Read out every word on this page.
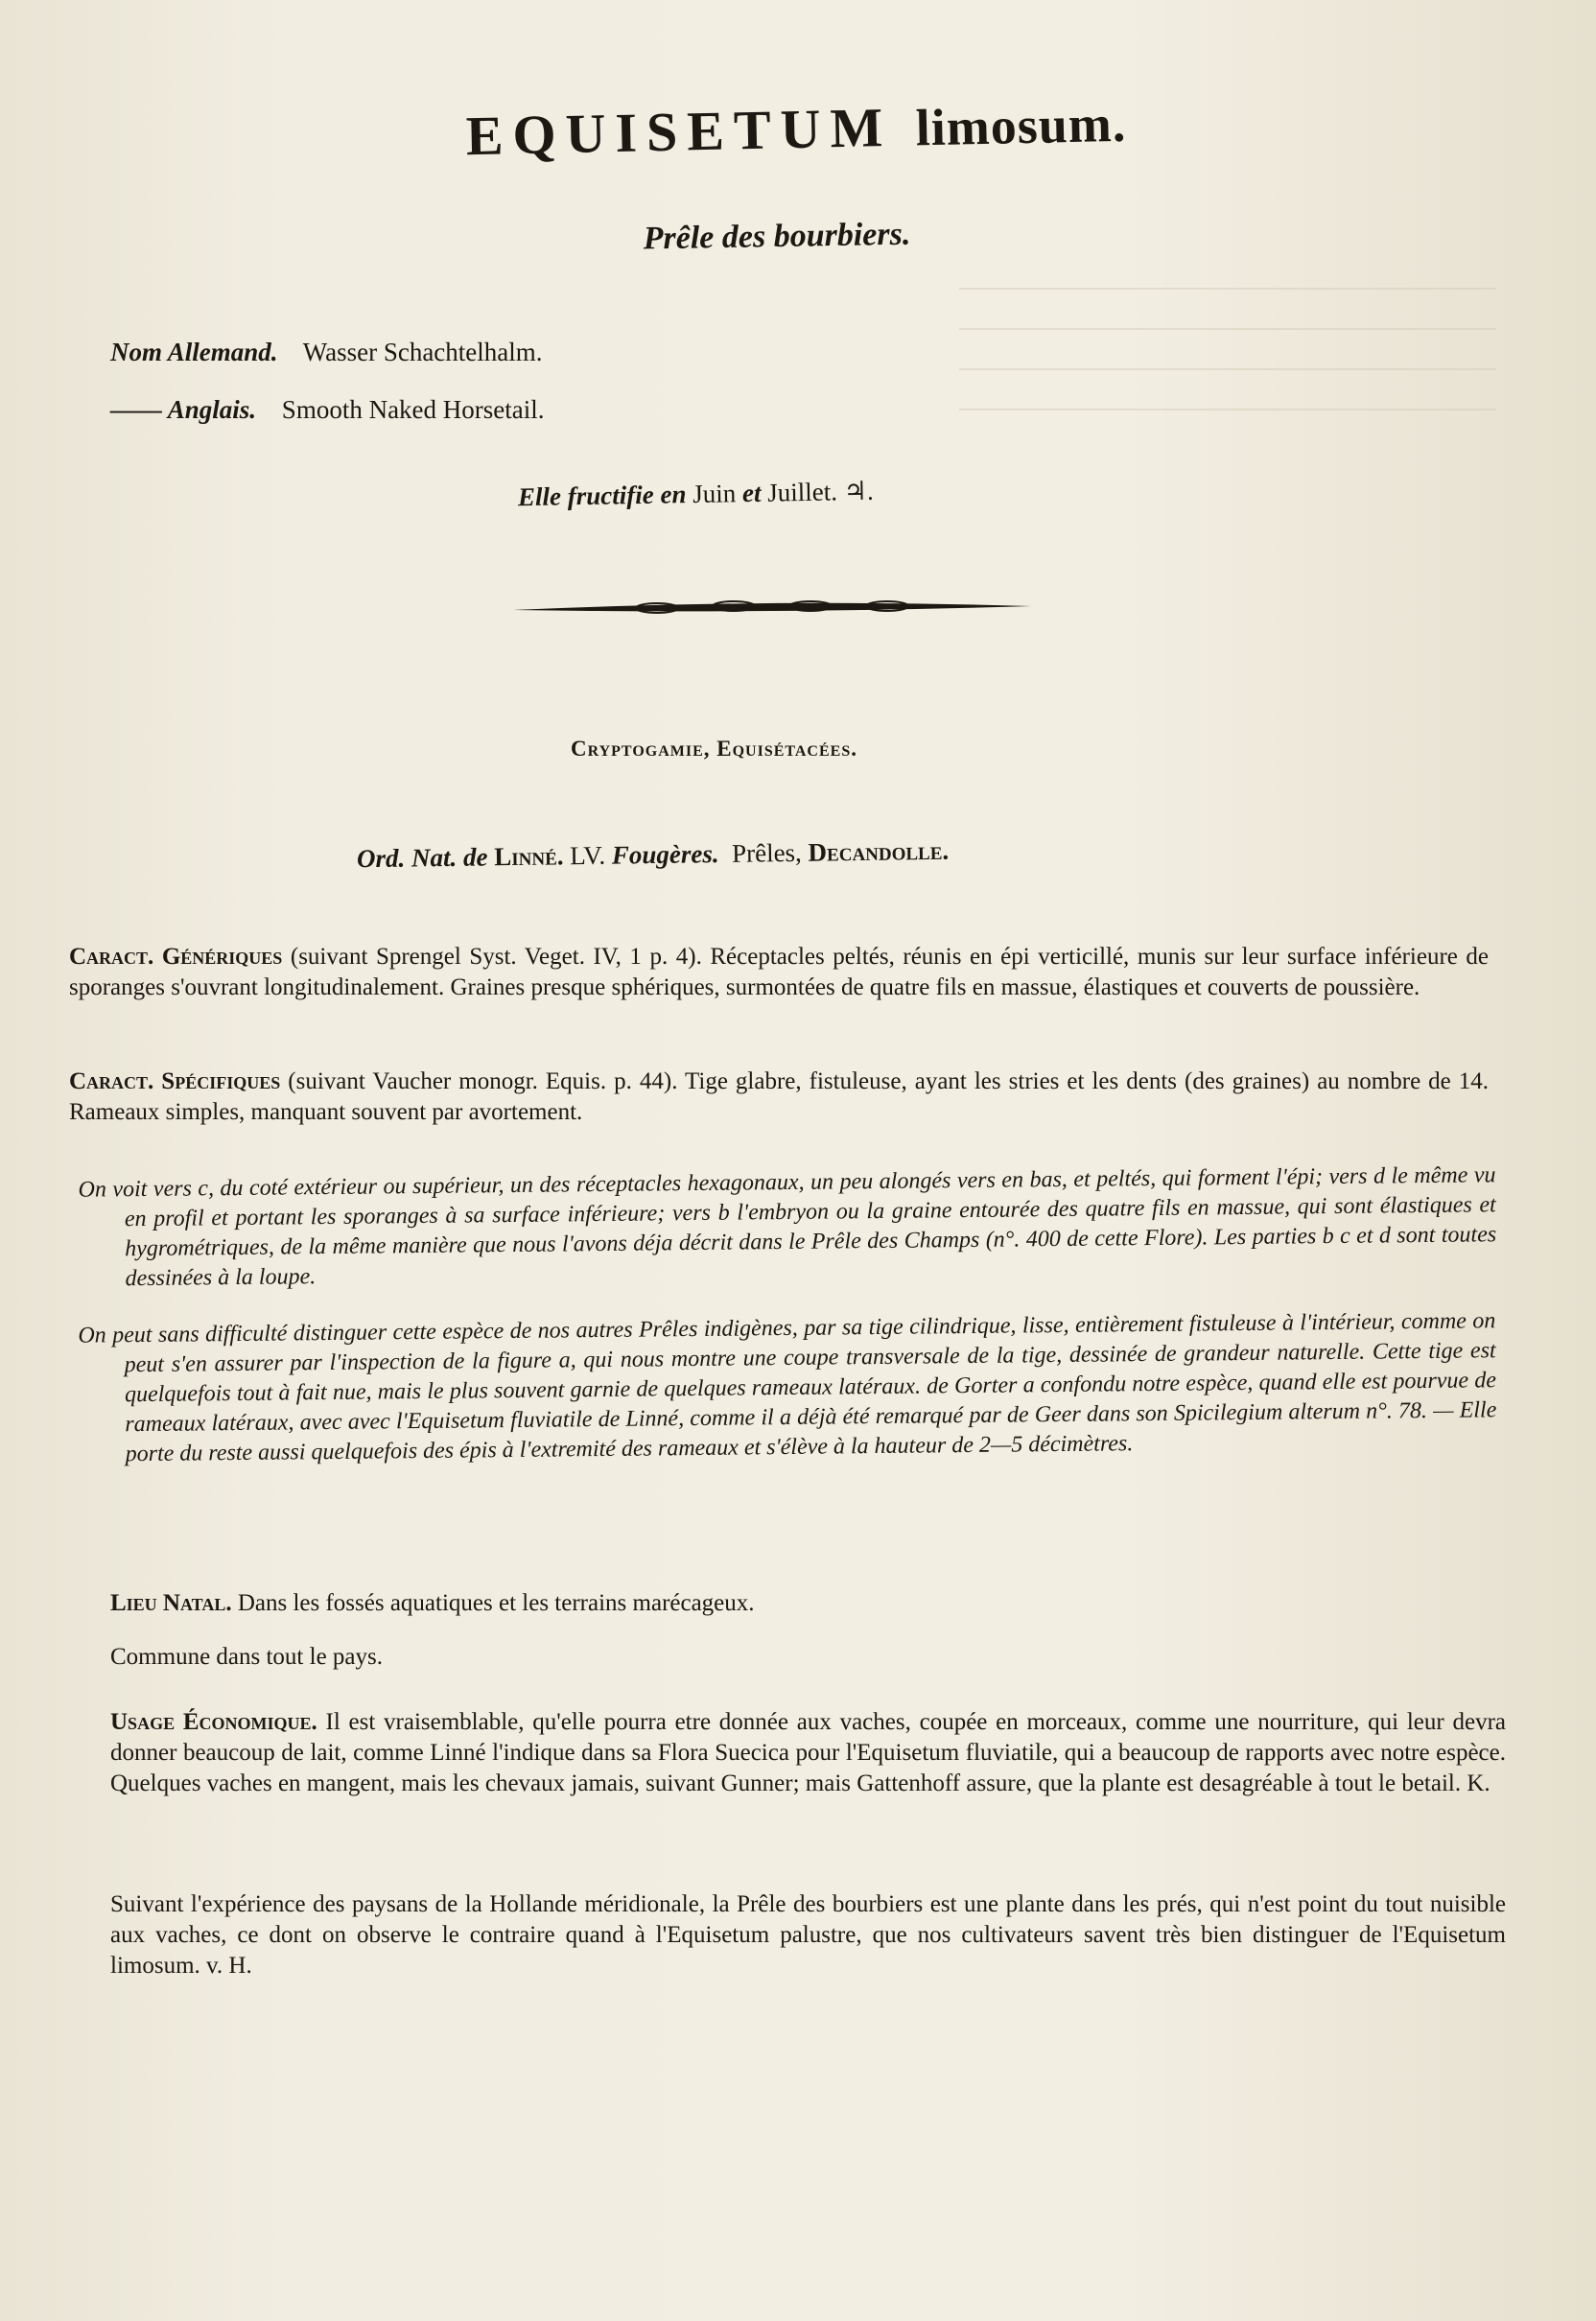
EQUISETUM limosum.
Prêle des bourbiers.
Nom Allemand. Wasser Schachtelhalm.
—— Anglais. Smooth Naked Horsetail.
Elle fructifie en Juin et Juillet. ♃.
Cryptogamie, Equisétacées.
Ord. Nat. de Linné. LV. Fougères. Prêles, Decandolle.

Caract. Génériques (suivant Sprengel Syst. Veget. IV, 1 p. 4). Réceptacles peltés, réunis en épi verticillé, munis sur leur surface inférieure de sporanges s'ouvrant longitudinalement. Graines presque sphériques, surmontées de quatre fils en massue, élastiques et couverts de poussière.

Caract. Spécifiques (suivant Vaucher monogr. Equis. p. 44). Tige glabre, fistuleuse, ayant les stries et les dents (des graines) au nombre de 14. Rameaux simples, manquant souvent par avortement.

On voit vers c, du coté extérieur ou supérieur, un des réceptacles hexagonaux, un peu alongés vers en bas, et peltés, qui forment l'épi; vers d le même vu en profil et portant les sporanges à sa surface inférieure; vers b l'embryon ou la graine entourée des quatre fils en massue, qui sont élastiques et hygrométriques, de la même manière que nous l'avons déja décrit dans le Prêle des Champs (n°. 400 de cette Flore). Les parties b c et d sont toutes dessinées à la loupe.

On peut sans difficulté distinguer cette espèce de nos autres Prêles indigènes, par sa tige cilindrique, lisse, entièrement fistuleuse à l'intérieur, comme on peut s'en assurer par l'inspection de la figure a, qui nous montre une coupe transversale de la tige, dessinée de grandeur naturelle. Cette tige est quelquefois tout à fait nue, mais le plus souvent garnie de quelques rameaux latéraux. de Gorter a confondu notre espèce, quand elle est pourvue de rameaux latéraux, avec avec l'Equisetum fluviatile de Linné, comme il a déjà été remarqué par de Geer dans son Spicilegium alterum n°. 78. — Elle porte du reste aussi quelquefois des épis à l'extremité des rameaux et s'élève à la hauteur de 2—5 décimètres.

Lieu Natal. Dans les fossés aquatiques et les terrains marécageux.

Commune dans tout le pays.

Usage Économique. Il est vraisemblable, qu'elle pourra etre donnée aux vaches, coupée en morceaux, comme une nourriture, qui leur devra donner beaucoup de lait, comme Linné l'indique dans sa Flora Suecica pour l'Equisetum fluviatile, qui a beaucoup de rapports avec notre espèce. Quelques vaches en mangent, mais les chevaux jamais, suivant Gunner; mais Gattenhoff assure, que la plante est desagréable à tout le betail. K.

Suivant l'expérience des paysans de la Hollande méridionale, la Prêle des bourbiers est une plante dans les prés, qui n'est point du tout nuisible aux vaches, ce dont on observe le contraire quand à l'Equisetum palustre, que nos cultivateurs savent très bien distinguer de l'Equisetum limosum. v. H.
